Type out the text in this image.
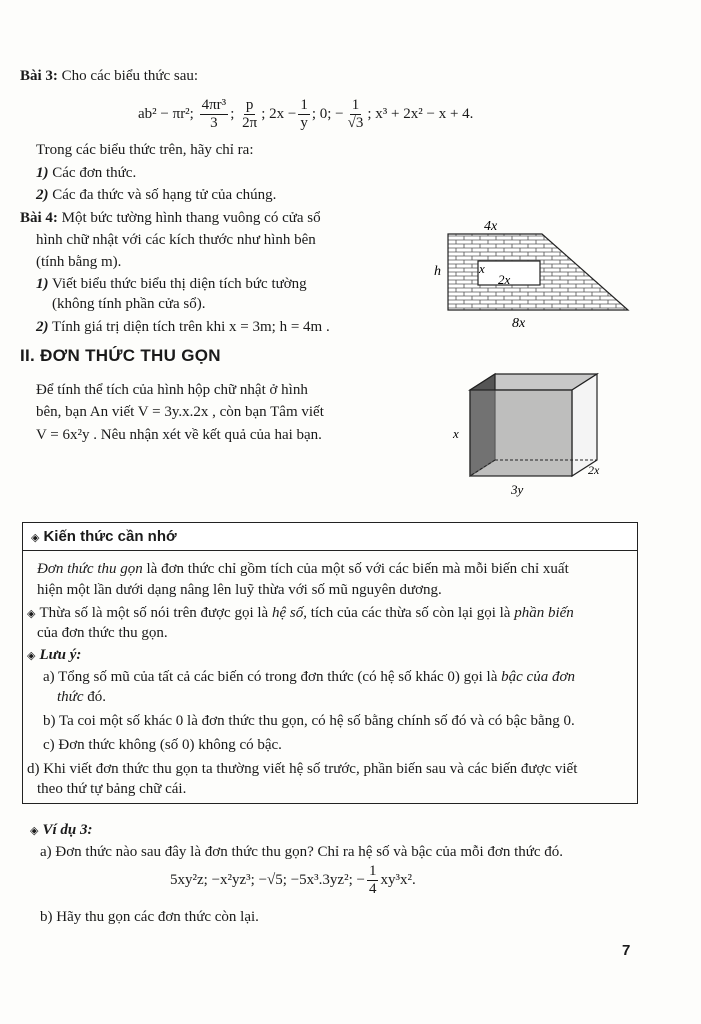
Bài 3: Cho các biểu thức sau:
ab² − πr²; $\frac{\text{4πr³}}{3}$ ; $\frac{p}{2\pi}$ ; $2x - \frac{1}{y}$ ; 0; − $\frac{1}{√3}$ ; x³ + 2x² − x + 4.
Trong các biểu thức trên, hãy chỉ ra:
1) Các đơn thức.
2) Các đa thức và số hạng tử của chúng.
Bài 4: Một bức tường hình thang vuông có cửa sổ
hình chữ nhật với các kích thước như hình bên
(tính bằng m).
1) Viết biểu thức biểu thị diện tích bức tường
(không tính phần cửa sổ).
2) Tính giá trị diện tích trên khi x = 3m; h = 4m .
4x
h	x
2x
8x
II. ĐƠN THỨC THU GỌN
Để tính thể tích của hình hộp chữ nhật ở hình
bên, bạn An viết V = 3y.x.2x , còn bạn Tâm viết
V = 6x²y . Nêu nhận xét về kết quả của hai bạn.	x
3y
2x
◈ Kiến thức cần nhớ
Đơn thức thu gọn là đơn thức chỉ gồm tích của một số với các biến mà mỗi biến chỉ xuất
hiện một lần dưới dạng nâng lên luỹ thừa với số mũ nguyên dương.
◈ Thừa số là một số nói trên được gọi là hệ số, tích của các thừa số còn lại gọi là phần biến
của đơn thức thu gọn.
◈ Lưu ý:
a) Tổng số mũ của tất cả các biến có trong đơn thức (có hệ số khác 0) gọi là bậc của đơn
thức đó.
b) Ta coi một số khác 0 là đơn thức thu gọn, có hệ số bằng chính số đó và có bậc bằng 0.
c) Đơn thức không (số 0) không có bậc.
d) Khi viết đơn thức thu gọn ta thường viết hệ số trước, phần biến sau và các biến được viết
theo thứ tự bảng chữ cái.
◈ Ví dụ 3:
a) Đơn thức nào sau đây là đơn thức thu gọn? Chỉ ra hệ số và bậc của mỗi đơn thức đó.
5xy²z; −x²yz³; −√5; −5x³.3yz²; − $\frac{1}{4} xy^3x^2$.
b) Hãy thu gọn các đơn thức còn lại.
7
